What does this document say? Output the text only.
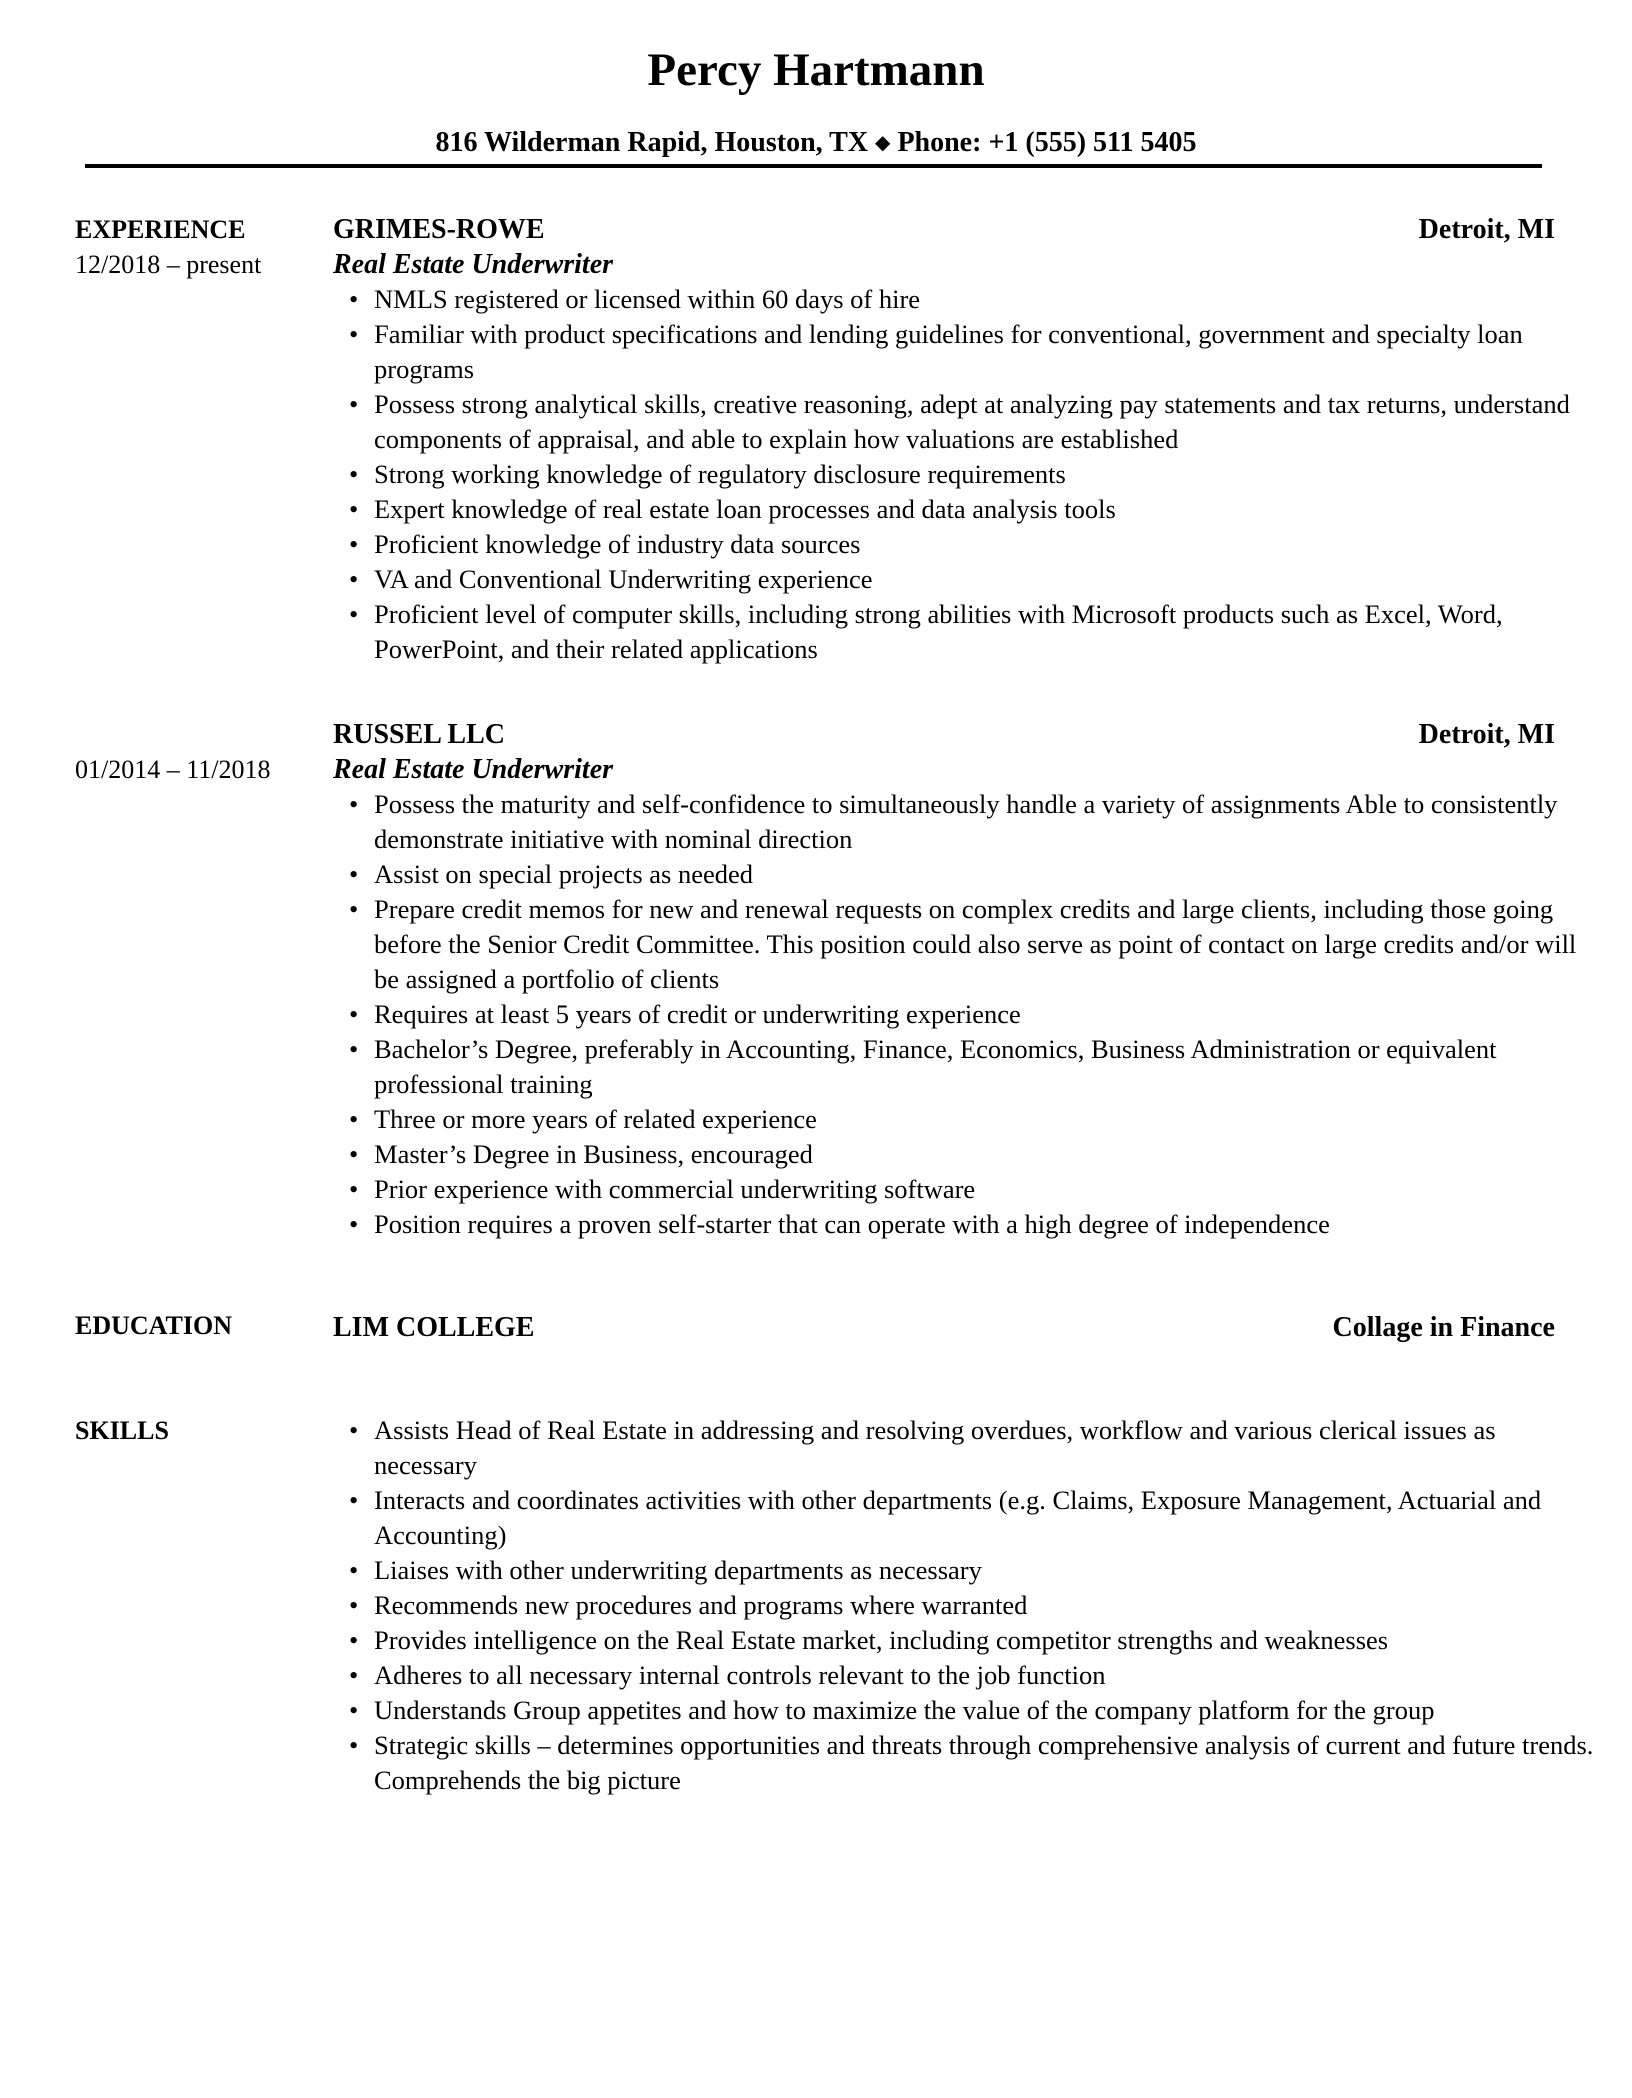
Percy Hartmann
816 Wilderman Rapid, Houston, TX ◆ Phone: +1 (555) 511 5405
EXPERIENCE
12/2018 – present
GRIMES-ROWE	Detroit, MI
Real Estate Underwriter
• NMLS registered or licensed within 60 days of hire
• Familiar with product specifications and lending guidelines for conventional, government and specialty loan programs
• Possess strong analytical skills, creative reasoning, adept at analyzing pay statements and tax returns, understand components of appraisal, and able to explain how valuations are established
• Strong working knowledge of regulatory disclosure requirements
• Expert knowledge of real estate loan processes and data analysis tools
• Proficient knowledge of industry data sources
• VA and Conventional Underwriting experience
• Proficient level of computer skills, including strong abilities with Microsoft products such as Excel, Word, PowerPoint, and their related applications
01/2014 – 11/2018
RUSSEL LLC	Detroit, MI
Real Estate Underwriter
• Possess the maturity and self-confidence to simultaneously handle a variety of assignments Able to consistently demonstrate initiative with nominal direction
• Assist on special projects as needed
• Prepare credit memos for new and renewal requests on complex credits and large clients, including those going before the Senior Credit Committee. This position could also serve as point of contact on large credits and/or will be assigned a portfolio of clients
• Requires at least 5 years of credit or underwriting experience
• Bachelor’s Degree, preferably in Accounting, Finance, Economics, Business Administration or equivalent professional training
• Three or more years of related experience
• Master’s Degree in Business, encouraged
• Prior experience with commercial underwriting software
• Position requires a proven self-starter that can operate with a high degree of independence
EDUCATION	LIM COLLEGE	Collage in Finance
SKILLS	• Assists Head of Real Estate in addressing and resolving overdues, workflow and various clerical issues as necessary
• Interacts and coordinates activities with other departments (e.g. Claims, Exposure Management, Actuarial and Accounting)
• Liaises with other underwriting departments as necessary
• Recommends new procedures and programs where warranted
• Provides intelligence on the Real Estate market, including competitor strengths and weaknesses
• Adheres to all necessary internal controls relevant to the job function
• Understands Group appetites and how to maximize the value of the company platform for the group
• Strategic skills – determines opportunities and threats through comprehensive analysis of current and future trends. Comprehends the big picture
